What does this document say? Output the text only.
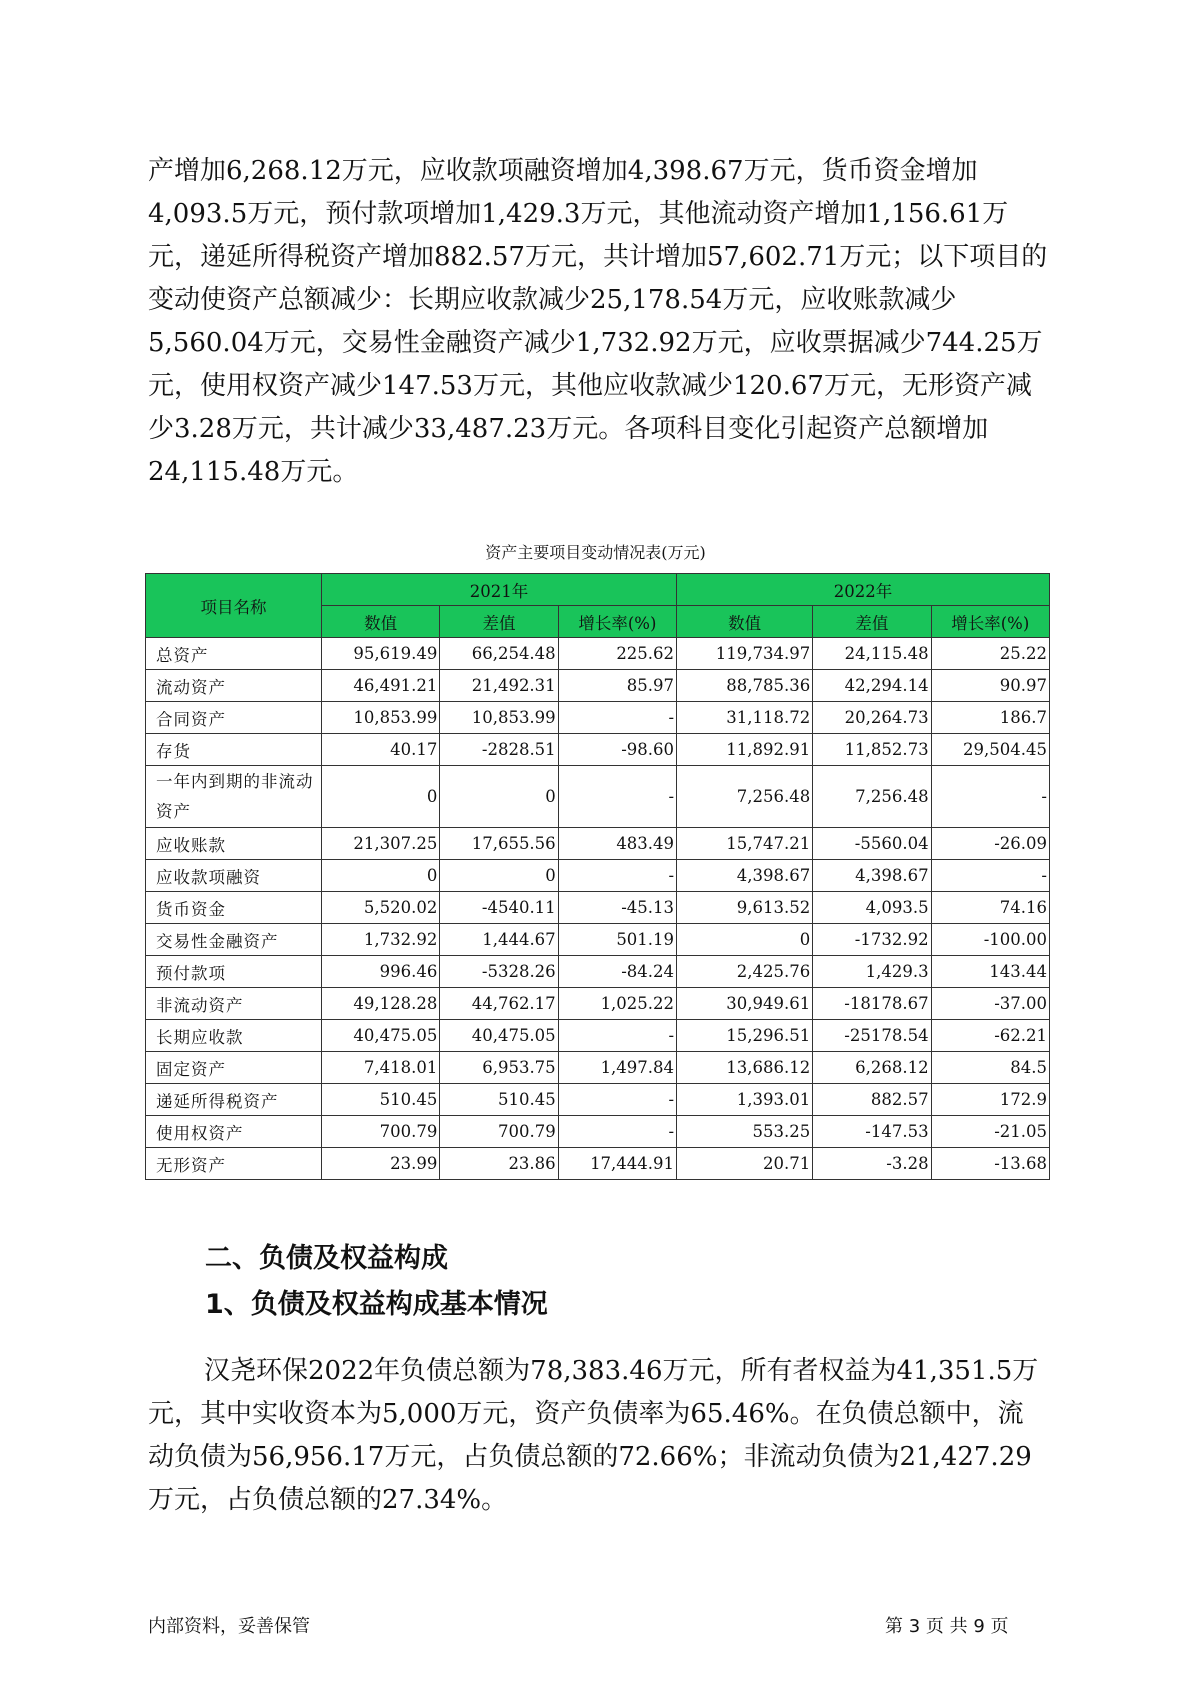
产增加6,268.12万元，应收款项融资增加4,398.67万元，货币资金增加4,093.5万元，预付款项增加1,429.3万元，其他流动资产增加1,156.61万元，递延所得税资产增加882.57万元，共计增加57,602.71万元；以下项目的变动使资产总额减少：长期应收款减少25,178.54万元，应收账款减少5,560.04万元，交易性金融资产减少1,732.92万元，应收票据减少744.25万元，使用权资产减少147.53万元，其他应收款减少120.67万元，无形资产减少3.28万元，共计减少33,487.23万元。各项科目变化引起资产总额增加24,115.48万元。

资产主要项目变动情况表(万元)
项目名称	2021年			2022年		
	数值	差值	增长率(%)	数值	差值	增长率(%)
总资产	95,619.49	66,254.48	225.62	119,734.97	24,115.48	25.22
流动资产	46,491.21	21,492.31	85.97	88,785.36	42,294.14	90.97
合同资产	10,853.99	10,853.99	-	31,118.72	20,264.73	186.7
存货	40.17	-2828.51	-98.60	11,892.91	11,852.73	29,504.45
一年内到期的非流动资产	0	0	-	7,256.48	7,256.48	-
应收账款	21,307.25	17,655.56	483.49	15,747.21	-5560.04	-26.09
应收款项融资	0	0	-	4,398.67	4,398.67	-
货币资金	5,520.02	-4540.11	-45.13	9,613.52	4,093.5	74.16
交易性金融资产	1,732.92	1,444.67	501.19	0	-1732.92	-100.00
预付款项	996.46	-5328.26	-84.24	2,425.76	1,429.3	143.44
非流动资产	49,128.28	44,762.17	1,025.22	30,949.61	-18178.67	-37.00
长期应收款	40,475.05	40,475.05	-	15,296.51	-25178.54	-62.21
固定资产	7,418.01	6,953.75	1,497.84	13,686.12	6,268.12	84.5
递延所得税资产	510.45	510.45	-	1,393.01	882.57	172.9
使用权资产	700.79	700.79	-	553.25	-147.53	-21.05
无形资产	23.99	23.86	17,444.91	20.71	-3.28	-13.68
二、负债及权益构成
1、负债及权益构成基本情况

汉尧环保2022年负债总额为78,383.46万元，所有者权益为41,351.5万元，其中实收资本为5,000万元，资产负债率为65.46%。在负债总额中，流动负债为56,956.17万元，占负债总额的72.66%；非流动负债为21,427.29万元，占负债总额的27.34%。

内部资料，妥善保管	第 3 页 共 9 页
